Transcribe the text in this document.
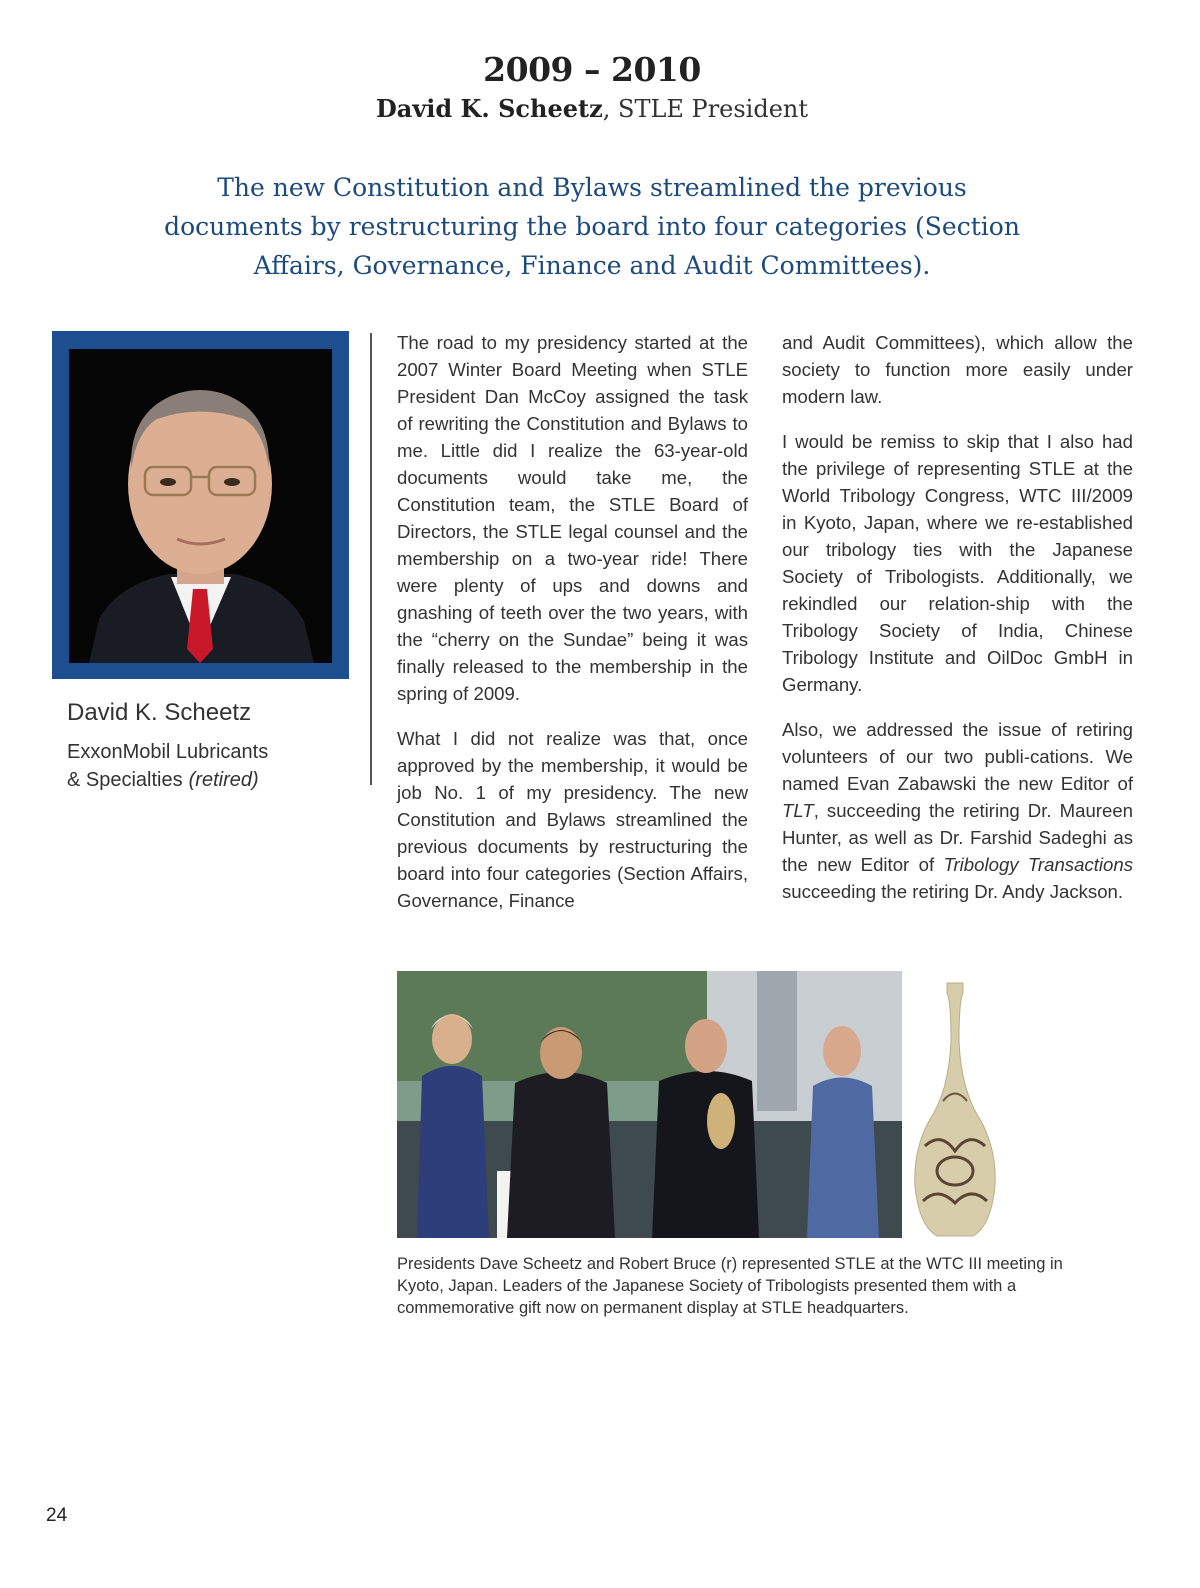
2009 – 2010
David K. Scheetz, STLE President
The new Constitution and Bylaws streamlined the previous documents by restructuring the board into four categories (Section Affairs, Governance, Finance and Audit Committees).
David K. Scheetz
ExxonMobil Lubricants
& Specialties (retired)

The road to my presidency started at the 2007 Winter Board Meeting when STLE President Dan McCoy assigned the task of rewriting the Constitution and Bylaws to me. Little did I realize the 63-year-old documents would take me, the Constitution team, the STLE Board of Directors, the STLE legal counsel and the membership on a two-year ride! There were plenty of ups and downs and gnashing of teeth over the two years, with the “cherry on the Sundae” being it was finally released to the membership in the spring of 2009.

What I did not realize was that, once approved by the membership, it would be job No. 1 of my presidency. The new Constitution and Bylaws streamlined the previous documents by restructuring the board into four categories (Section Affairs, Governance, Finance

and Audit Committees), which allow the society to function more easily under modern law.

I would be remiss to skip that I also had the privilege of representing STLE at the World Tribology Congress, WTC III/2009 in Kyoto, Japan, where we re-established our tribology ties with the Japanese Society of Tribologists. Additionally, we rekindled our relation-ship with the Tribology Society of India, Chinese Tribology Institute and OilDoc GmbH in Germany.

Also, we addressed the issue of retiring volunteers of our two publi-cations. We named Evan Zabawski the new Editor of TLT, succeeding the retiring Dr. Maureen Hunter, as well as Dr. Farshid Sadeghi as the new Editor of Tribology Transactions succeeding the retiring Dr. Andy Jackson.

Presidents Dave Scheetz and Robert Bruce (r) represented STLE at the WTC III meeting in Kyoto, Japan. Leaders of the Japanese Society of Tribologists presented them with a commemorative gift now on permanent display at STLE headquarters.
24
